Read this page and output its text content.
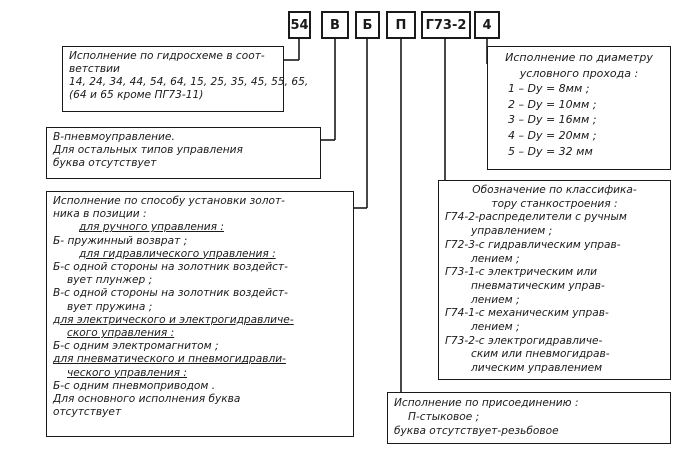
54	В	Б	П	Г73-2	4
Исполнение по гидросхеме в соот-
ветствии
14, 24, 34, 44, 54, 64, 15, 25, 35, 45, 55, 65,
(64 и 65 кроме ПГ73-11)
В-пневмоуправление.
Для остальных типов управления
буква отсутствует
Исполнение по способу установки золот-
ника в позиции :
для ручного управления :
Б- пружинный возврат ;
для гидравлического управления :
Б-с одной стороны на золотник воздейст-
вует плунжер ;
В-с одной стороны на золотник воздейст-
вует пружина ;
для электрического и электрогидравличе-
ского управления :
Б-с одним электромагнитом ;
для пневматического и пневмогидравли-
ческого управления :
Б-с одним пневмоприводом .
Для основного исполнения буква
отсутствует
Исполнение по диаметру
условного прохода :
1 – Dy = 8мм ;
2 – Dy = 10мм ;
3 – Dy = 16мм ;
4 – Dy = 20мм ;
5 – Dy = 32 мм
Обозначение по классифика-
тору станкостроения :
Г74-2-распределители с ручным
управлением ;
Г72-3-с гидравлическим управ-
лением ;
Г73-1-с электрическим или
пневматическим управ-
лением ;
Г74-1-с механическим управ-
лением ;
Г73-2-с электрогидравличе-
ским или пневмогидрав-
лическим управлением
Исполнение по присоединению :
П-стыковое ;
буква отсутствует-резьбовое
